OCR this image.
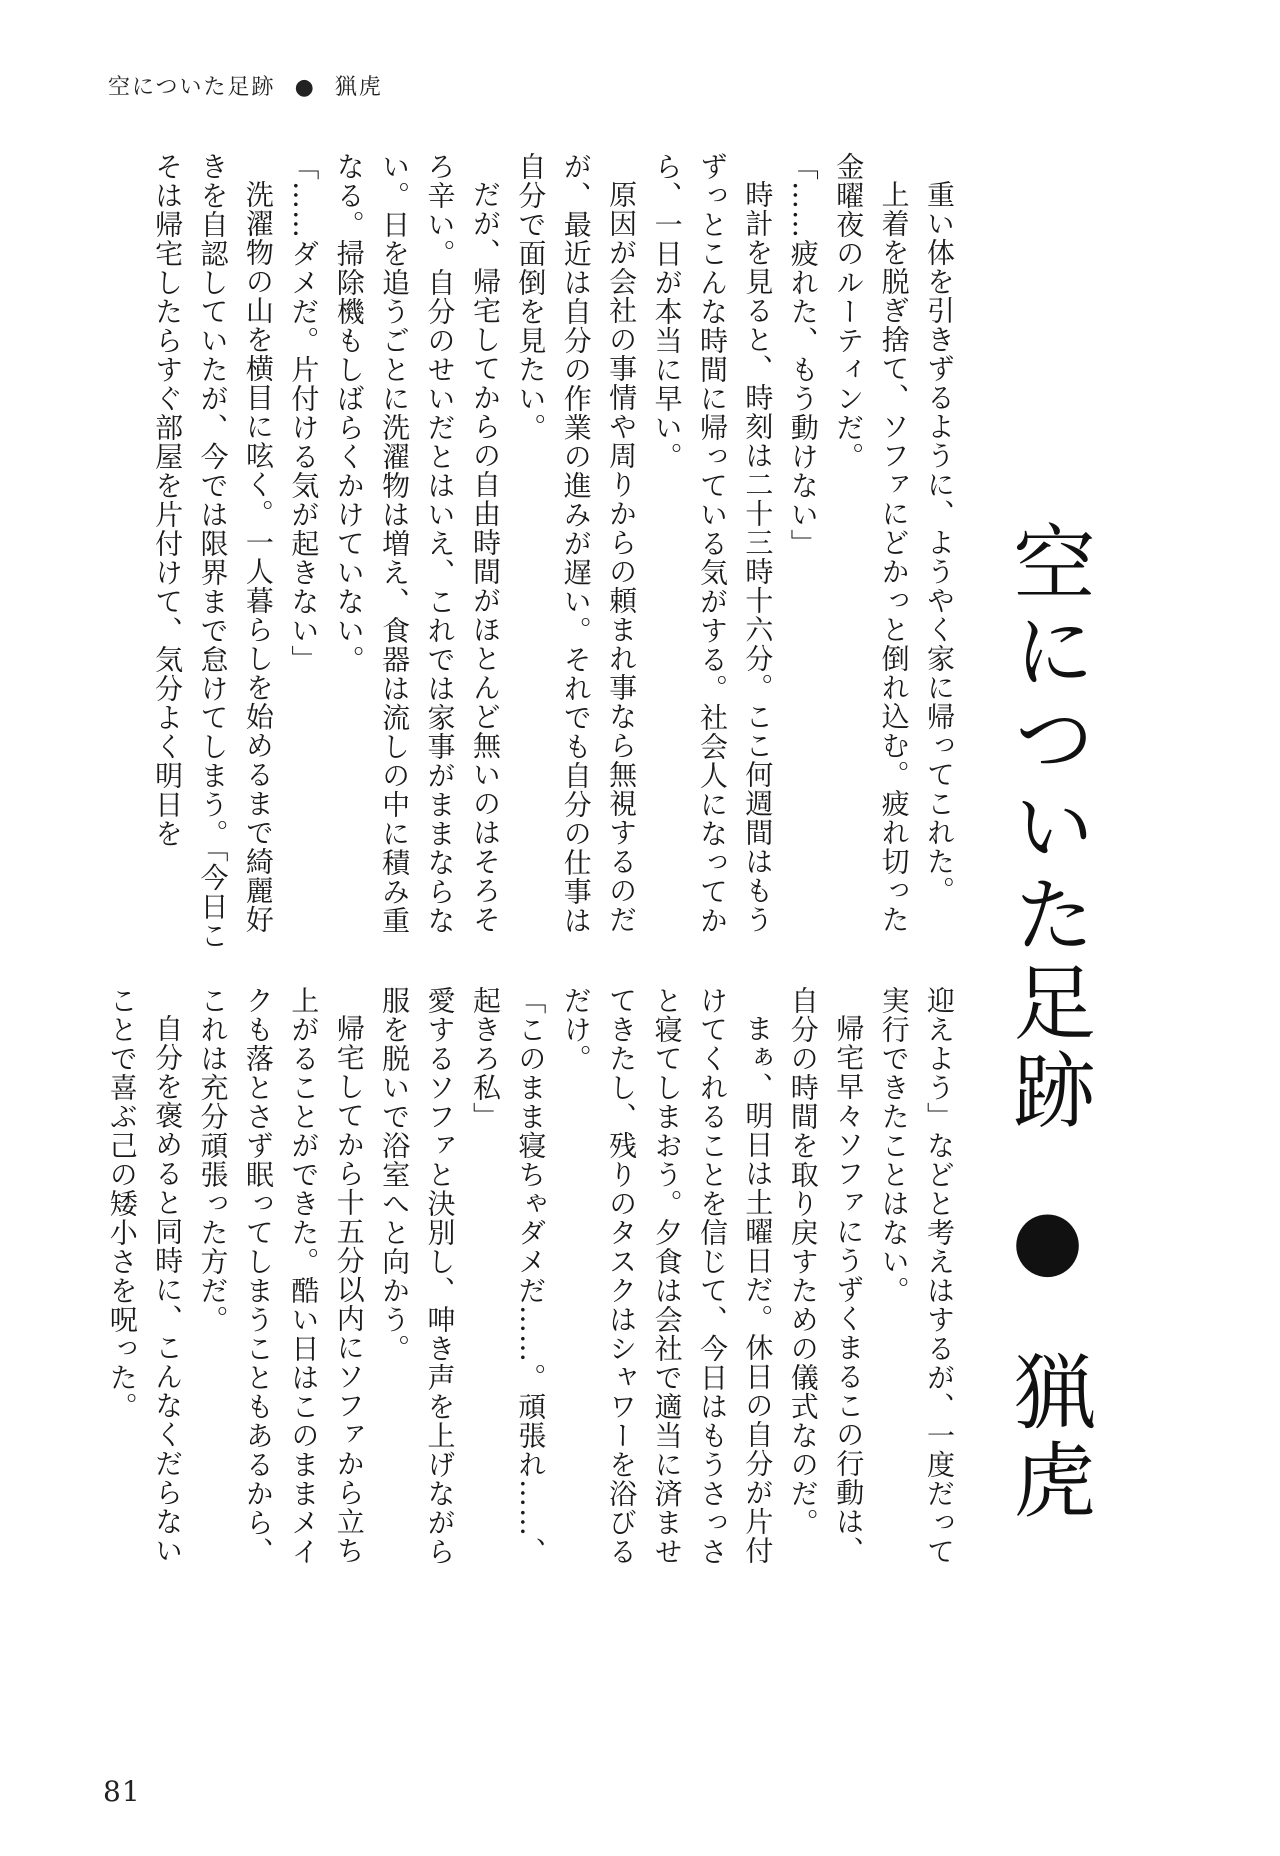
空についた足跡 ● 猟虎
空についた足跡 ● 猟虎

重い体を引きずるように、ようやく家に帰ってこれた。

上着を脱ぎ捨て、ソファにどかっと倒れ込む。疲れ切った金曜夜のルーティンだ。

「……疲れた、もう動けない」

時計を見ると、時刻は二十三時十六分。ここ何週間はもうずっとこんな時間に帰っている気がする。社会人になってから、一日が本当に早い。

原因が会社の事情や周りからの頼まれ事なら無視するのだが、最近は自分の作業の進みが遅い。それでも自分の仕事は自分で面倒を見たい。

だが、帰宅してからの自由時間がほとんど無いのはそろそろ辛い。自分のせいだとはいえ、これでは家事がままならない。日を追うごとに洗濯物は増え、食器は流しの中に積み重なる。掃除機もしばらくかけていない。

「……ダメだ。片付ける気が起きない」

洗濯物の山を横目に呟く。一人暮らしを始めるまで綺麗好きを自認していたが、今では限界まで怠けてしまう。「今日こそは帰宅したらすぐ部屋を片付けて、気分よく明日を

迎えよう」などと考えはするが、一度だって実行できたことはない。

帰宅早々ソファにうずくまるこの行動は、自分の時間を取り戻すための儀式なのだ。

まぁ、明日は土曜日だ。休日の自分が片付けてくれることを信じて、今日はもうさっさと寝てしまおう。夕食は会社で適当に済ませてきたし、残りのタスクはシャワーを浴びるだけ。

「このまま寝ちゃダメだ……。頑張れ……、起きろ私」

愛するソファと決別し、呻き声を上げながら服を脱いで浴室へと向かう。

帰宅してから十五分以内にソファから立ち上がることができた。酷い日はこのままメイクも落とさず眠ってしまうこともあるから、これは充分頑張った方だ。

自分を褒めると同時に、こんなくだらないことで喜ぶ己の矮小さを呪った。

81
